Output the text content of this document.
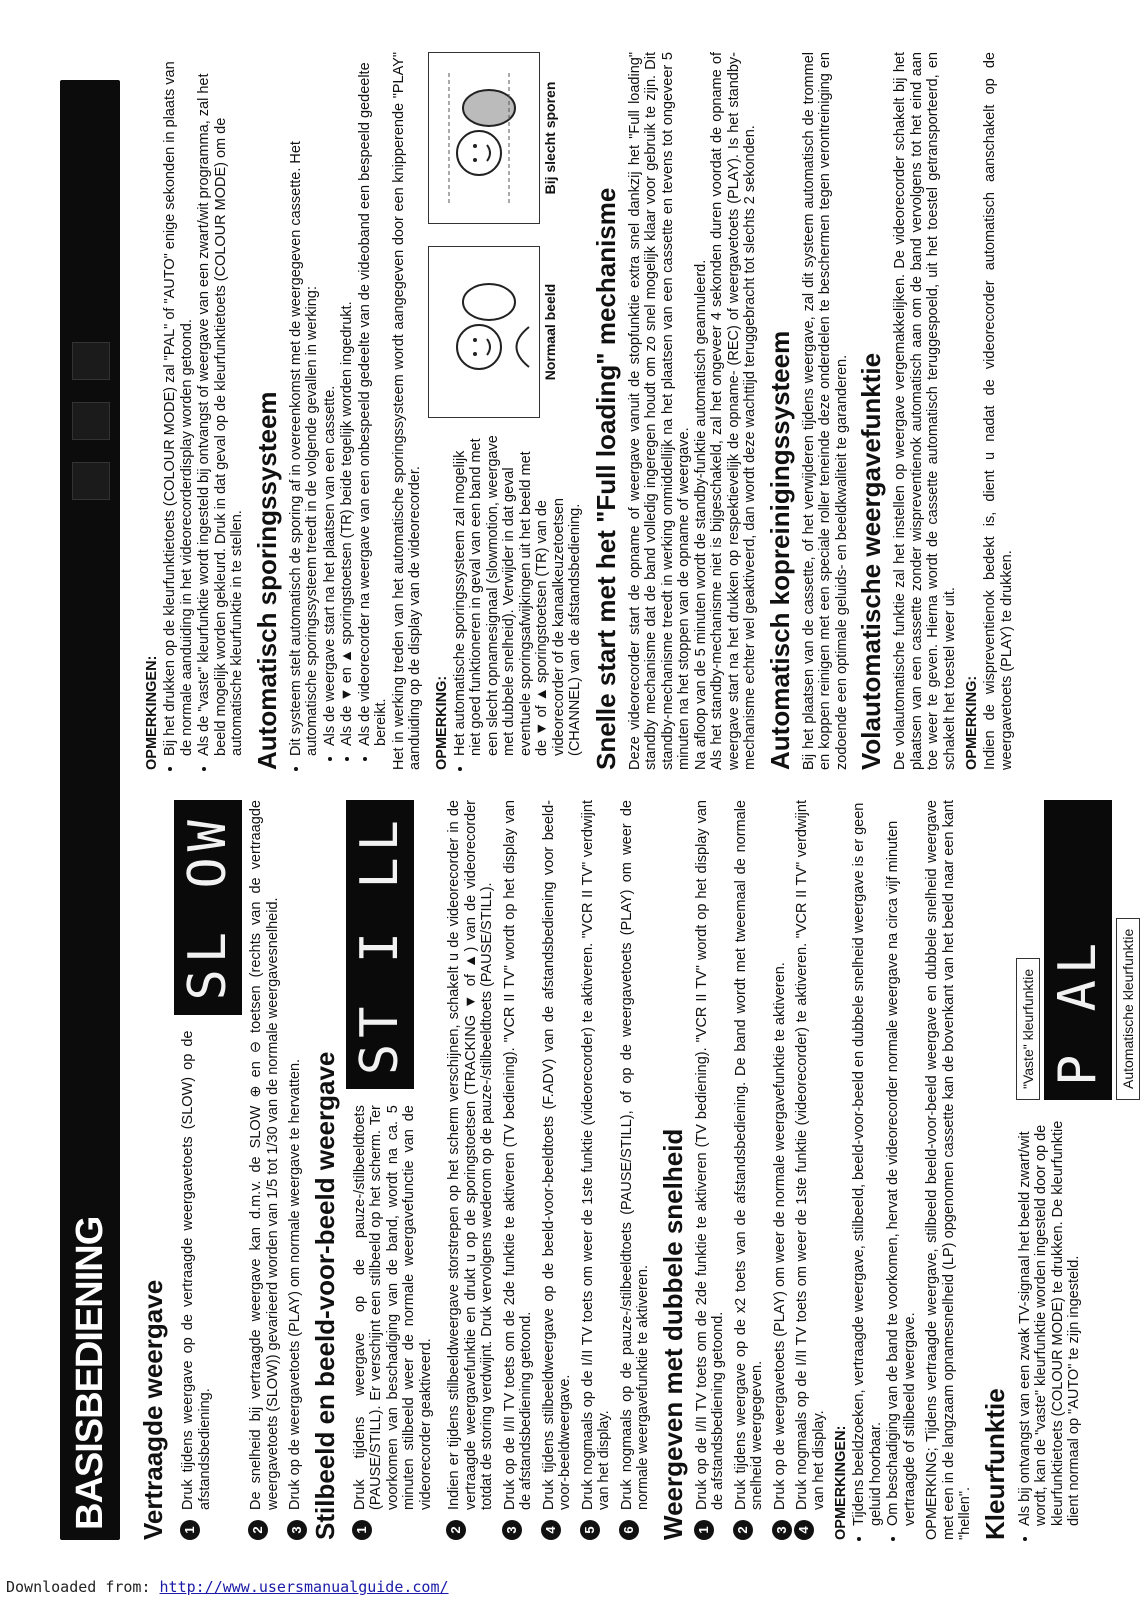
BASISBEDIENING Vertraagde weergave 1

Druk tijdens weergave op de vertraagde weergavetoets (SLOW) op de afstandsbediening.

SL OW
2

De snelheid bij vertraagde weergave kan d.m.v. de SLOW ⊕ en ⊖ toetsen (rechts van de vertraagde weergavetoets (SLOW)) gevarieerd worden van 1/5 tot 1/30 van de normale weergavesnelheid.

3

Druk op de weergavetoets (PLAY) om normale weergave te hervatten. Stilbeeld en beeld-voor-beeld weergave 1

Druk tijdens weergave op de pauze-/stilbeeldtoets (PAUSE/STILL). Er verschijnt een stilbeeld op het scherm. Ter voorkomen van beschadiging van de band, wordt na ca. 5 minuten stilbeeld weer de normale weergavefunctie van de videorecorder geaktiveerd.

ST I LL
2

Indien er tijdens stilbeeldweergave storstrepen op het scherm verschijnen, schakelt u de videorecorder in de vertraagde weergavefunktie en drukt u op de sporingstoetsen (TRACKING ▼ of ▲) van de videorecorder totdat de storing verdwijnt. Druk vervolgens wederom op de pauze-/stilbeeldtoets (PAUSE/STILL).

3

Druk op de I/II TV toets om de 2de funktie te aktiveren (TV bediening). "VCR II TV" wordt op het display van de afstandsbediening getoond.

4

Druk tijdens stilbeeldweergave op de beeld-voor-beeldtoets (F.ADV) van de afstandsbediening voor beeld-voor-beeldweergave.

5

Druk nogmaals op de I/II TV toets om weer de 1ste funktie (videorecorder) te aktiveren. "VCR II TV" verdwijnt van het display.

6

Druk nogmaals op de pauze-/stilbeeldtoets (PAUSE/STILL), of op de weergavetoets (PLAY) om weer de normale weergavefunktie te aktiveren. Weergeven met dubbele snelheid 1

Druk op de I/II TV toets om de 2de funktie te aktiveren (TV bediening). "VCR II TV" wordt op het display van de afstandsbediening getoond.

2

Druk tijdens weergave op de x2 toets van de afstandsbediening. De band wordt met tweemaal de normale snelheid weergegeven.

3

Druk op de weergavetoets (PLAY) om weer de normale weergavefunktie te aktiveren.

4

Druk nogmaals op de I/II TV toets om weer de 1ste funktie (videorecorder) te aktiveren. "VCR II TV" verdwijnt van het display. OPMERKINGEN: • Tijdens beeldzoeken, vertraagde weergave, stilbeeld, beeld-voor-beeld en dubbele snelheid weergave is er geen geluid hoorbaar. • Om beschadiging van de band te voorkomen, hervat de videorecorder normale weergave na circa vijf minuten vertraagde of stilbeeld weergave. OPMERKING; Tijdens vertraagde weergave, stilbeeld beeld-voor-beeld weergave en dubbele snelheid weergave met een in de langzaam opnamesnelheid (LP) opgenomen cassette kan de bovenkant van het beeld naar een kant "hellen". Kleurfunktie • Als bij ontvangst van een zwak TV-signaal het beeld zwart/wit wordt, kan de "vaste" kleurfunktie worden ingesteld door op de kleurfunktietoets (COLOUR MODE) te drukken. De kleurfunktie dient normaal op "AUTO" te zijn ingesteld.
"Vaste" kleurfunktie P AL Automatische kleurfunktie
OPMERKINGEN: • Bij het drukken op de kleurfunktietoets (COLOUR MODE) zal "PAL" of "AUTO" enige sekonden in plaats van de normale aanduiding in het videorecorderdisplay worden getoond. • Als de "vaste" kleurfunktie wordt ingesteld bij ontvangst of weergave van een zwart/wit programma, zal het beeld mogelijk worden gekleurd. Druk in dat geval op de kleurfunktietoets (COLOUR MODE) om de automatische kleurfunktie in te stellen. Automatisch sporingssysteem • Dit systeem stelt automatisch de sporing af in overeenkomst met de weergegeven cassette. Het automatische sporingssysteem treedt in de volgende gevallen in werking: • Als de weergave start na het plaatsen van een cassette. • Als de ▼ en ▲ sporingstoetsen (TR) beide tegelijk worden ingedrukt. • Als de videorecorder na weergave van een onbespeeld gedeelte van de videoband een bespeeld gedeelte bereikt. Het in werking treden van het automatische sporingssysteem wordt aangegeven door een knipperende "PLAY" aanduiding op de display van de videorecorder. OPMERKING: • Het automatische sporingssysteem zal mogelijk niet goed funktioneren in geval van een band met een slecht opnamesignaal (slowmotion, weergave met dubbele snelheid). Verwijder in dat geval eventuele sporingsafwijkingen uit het beeld met de ▼ of ▲ sporingstoetsen (TR) van de videorecorder of de kanaalkeuzetoetsen (CHANNEL) van de afstandsbediening.
Normaal beeld
Bij slecht sporen
Snelle start met het "Full loading" mechanisme Deze videorecorder start de opname of weergave vanuit de stopfunktie extra snel dankzij het "Full loading" standby mechanisme dat de band volledig ingeregen houdt om zo snel mogelijk klaar voor gebruik te zijn. Dit standby-mechanisme treedt in werking onmiddellijk na het plaatsen van een cassette en tevens tot ongeveer 5 minuten na het stoppen van de opname of weergave. Na afloop van de 5 minuten wordt de standby-funktie automatisch geannuleerd. Als het standby-mechanisme niet is bijgeschakeld, zal het ongeveer 4 sekonden duren voordat de opname of weergave start na het drukken op respektievelijk de opname- (REC) of weergavetoets (PLAY). Is het standby-mechanisme echter wel geaktiveerd, dan wordt deze wachttijd teruggebracht tot slechts 2 sekonden. Automatisch kopreinigingssysteem Bij het plaatsen van de cassette, of het verwijderen tijdens weergave, zal dit systeem automatisch de trommel en koppen reinigen met een speciale roller teneinde deze onderdelen te beschermen tegen verontreiniging en zodoende een optimale geluids- en beeldkwaliteit te garanderen. Volautomatische weergavefunktie De volautomatische funktie zal het instellen op weergave vergemakkelijken. De videorecorder schakelt bij het plaatsen van een cassette zonder wispreventienok automatisch aan om de band vervolgens tot het eind aan toe weer te geven. Hierna wordt de cassette automatisch teruggespoeld, uit het toestel getransporteerd, en schakelt het toestel weer uit. OPMERKING: Indien de wispreventienok bedekt is, dient u nadat de videorecorder automatisch aanschakelt op de weergavetoets (PLAY) te drukken.

Downloaded from: http://www.usersmanualguide.com/
